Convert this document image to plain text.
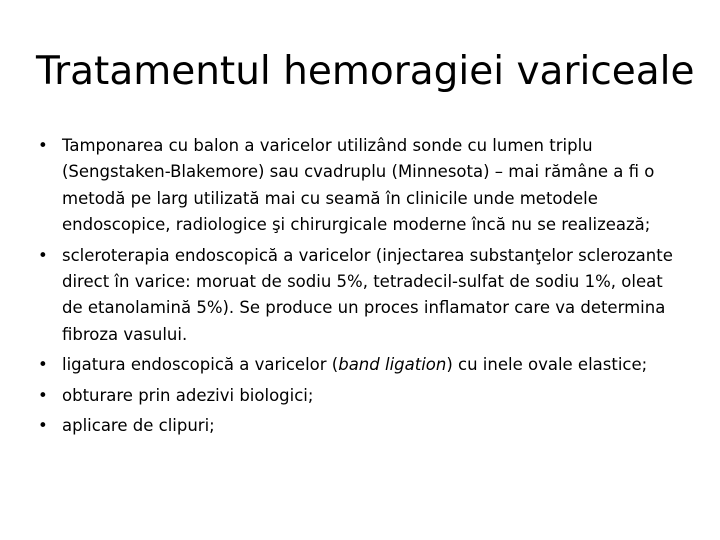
Tratamentul hemoragiei variceale
• Tamponarea cu balon a varicelor utilizând sonde cu lumen triplu (Sengstaken-Blakemore) sau cvadruplu (Minnesota) – mai rămâne a fi o metodă pe larg utilizată mai cu seamă în clinicile unde metodele endoscopice, radiologice şi chirurgicale moderne încă nu se realizează;
• scleroterapia endoscopică a varicelor (injectarea substanţelor sclerozante direct în varice: moruat de sodiu 5%, tetradecil-sulfat de sodiu 1%, oleat de etanolamină 5%). Se produce un proces inflamator care va determina fibroza vasului.
• ligatura endoscopică a varicelor (band ligation) cu inele ovale elastice;
• obturare prin adezivi biologici;
• aplicare de clipuri;
